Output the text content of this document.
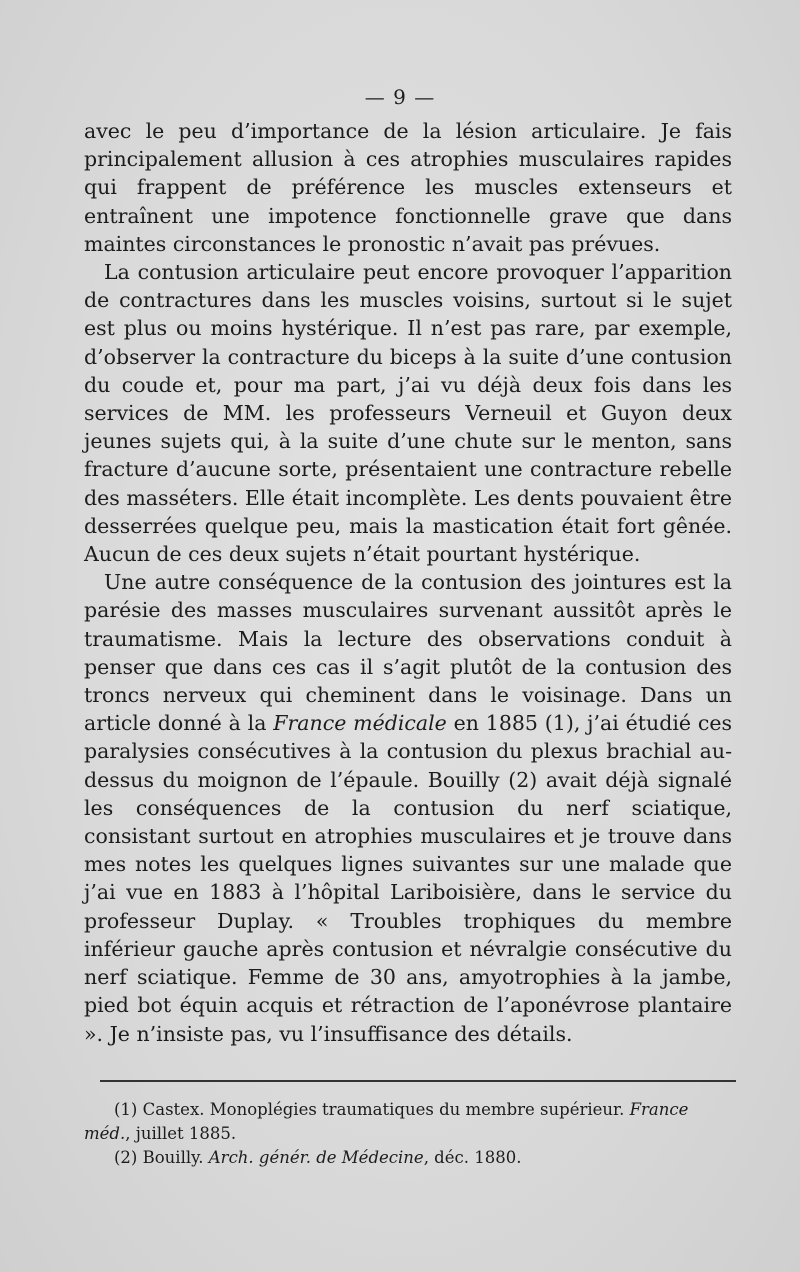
— 9 —

avec le peu d’importance de la lésion articulaire. Je fais principalement allusion à ces atrophies musculaires rapides qui frappent de préférence les muscles extenseurs et entraînent une impotence fonctionnelle grave que dans maintes circonstances le pronostic n’avait pas prévues.

La contusion articulaire peut encore provoquer l’apparition de contractures dans les muscles voisins, surtout si le sujet est plus ou moins hystérique. Il n’est pas rare, par exemple, d’observer la contracture du biceps à la suite d’une contusion du coude et, pour ma part, j’ai vu déjà deux fois dans les services de MM. les professeurs Verneuil et Guyon deux jeunes sujets qui, à la suite d’une chute sur le menton, sans fracture d’aucune sorte, présentaient une contracture rebelle des masséters. Elle était incomplète. Les dents pouvaient être desserrées quelque peu, mais la mastication était fort gênée. Aucun de ces deux sujets n’était pourtant hystérique.

Une autre conséquence de la contusion des jointures est la parésie des masses musculaires survenant aussitôt après le traumatisme. Mais la lecture des observations conduit à penser que dans ces cas il s’agit plutôt de la contusion des troncs nerveux qui cheminent dans le voisinage. Dans un article donné à la France médicale en 1885 (1), j’ai étudié ces paralysies consécutives à la contusion du plexus brachial au-dessus du moignon de l’épaule. Bouilly (2) avait déjà signalé les conséquences de la contusion du nerf sciatique, consistant surtout en atrophies musculaires et je trouve dans mes notes les quelques lignes suivantes sur une malade que j’ai vue en 1883 à l’hôpital Lariboisière, dans le service du professeur Duplay. « Troubles trophiques du membre inférieur gauche après contusion et névralgie consécutive du nerf sciatique. Femme de 30 ans, amyotrophies à la jambe, pied bot équin acquis et rétraction de l’aponévrose plantaire ». Je n’insiste pas, vu l’insuffisance des détails.

(1) Castex. Monoplégies traumatiques du membre supérieur. France méd., juillet 1885.

(2) Bouilly. Arch. génér. de Médecine, déc. 1880.
